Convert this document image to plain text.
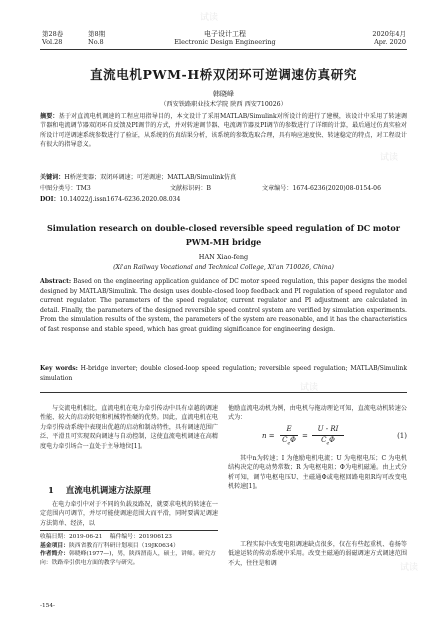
试读
试读
试读
试读
第28卷
Vol.28
第8期
No.8
电子设计工程
Electronic Design Engineering
2020年4月
Apr. 2020
直流电机PWM-H桥双闭环可逆调速仿真研究
韩晓峰
（西安铁路职业技术学院 陕西 西安710026）
摘要：基于对直流电机调速的工程应用指导目的，本文设计了采用MATLAB/Simulink对所设计的进行了建模，该设计中采用了转速调节器和电流调节器双闭环自反馈及PI调节的方式，并对转速调节器、电流调节器及PI调节的参数进行了详细的计算，最后通过仿真实验对所设计可逆调速系统参数进行了验证，从系统的仿真结果分析，该系统的参数选取合理，具有响应速度快、转速稳定的特点，对工程设计有很大的指导意义。
关键词：H桥逆变器；双闭环调速；可逆调速；MATLAB/Simulink仿真
中图分类号：TM3	文献标识码：B	文章编号：1674-6236(2020)08-0154-06
DOI：10.14022/j.issn1674-6236.2020.08.034
Simulation research on double-closed reversible speed regulation of DC motor
PWM-MH bridge
HAN Xiao-feng
(Xi'an Railway Vocational and Technical College, Xi'an 710026, China)
Abstract: Based on the engineering application guidance of DC motor speed regulation, this paper designs the model designed by MATLAB/Simulink. The design uses double-closed loop feedback and PI regulation of speed regulator and current regulator. The parameters of the speed regulator, current regulator and PI adjustment are calculated in detail. Finally, the parameters of the designed reversible speed control system are verified by simulation experiments. From the simulation results of the system, the parameters of the system are reasonable, and it has the characteristics of fast response and stable speed, which has great guiding significance for engineering design.
Key words: H-bridge inverter; double closed-loop speed regulation; reversible speed regulation; MATLAB/Simulink simulation
与交流电机相比，直流电机在电力牵引传动中具有卓越的调速性能、较大的启动转矩和机械特性硬的优势。因此，直流电机在电力牵引传动系统中表现出优越的启动和制动特性，具有调速范围广泛、平滑且可实现双向调速与自动控制，这使直流电机调速在高精度电力牵引场合一直处于主导地位[1]。
1 直流电机调速方法原理
在电力牵引中对于不同的负载及路况，就要求电机的转速在一定范围内可调节，并尽可能使调速范围大而平滑，同时要满足调速方法简单、经济，以
收稿日期：2019-06-21 稿件编号：201906123
基金项目：陕西省教育厅科研计划项目（19JK0634）
作者简介：韩晓峰(1977—)，男，陕西渭南人，硕士，讲师。研究方向：铁路牵引供电方面的教学与研究。
-154-
他励直流电动机为例，由电机与拖动理论可知，直流电动机转速公式为：
n =
E
$C_e\Phi$ =
U - RI
$C_e\Phi$	(1)
其中n为转速；I 为他励电机电流；U 为电枢电压；C 为电机结构决定的电动势常数；R 为电枢电阻；Φ为电机磁通。由上式分析可知，调节电枢电压U、主磁通Φ或电枢回路电阻R均可改变电机转速[1]。
工程实际中改变电阻调速缺点很多，仅在有些起重机、卷扬等低速运转的传动系统中采用。改变主磁通的弱磁调速方式调速范围不大，往往是和调
